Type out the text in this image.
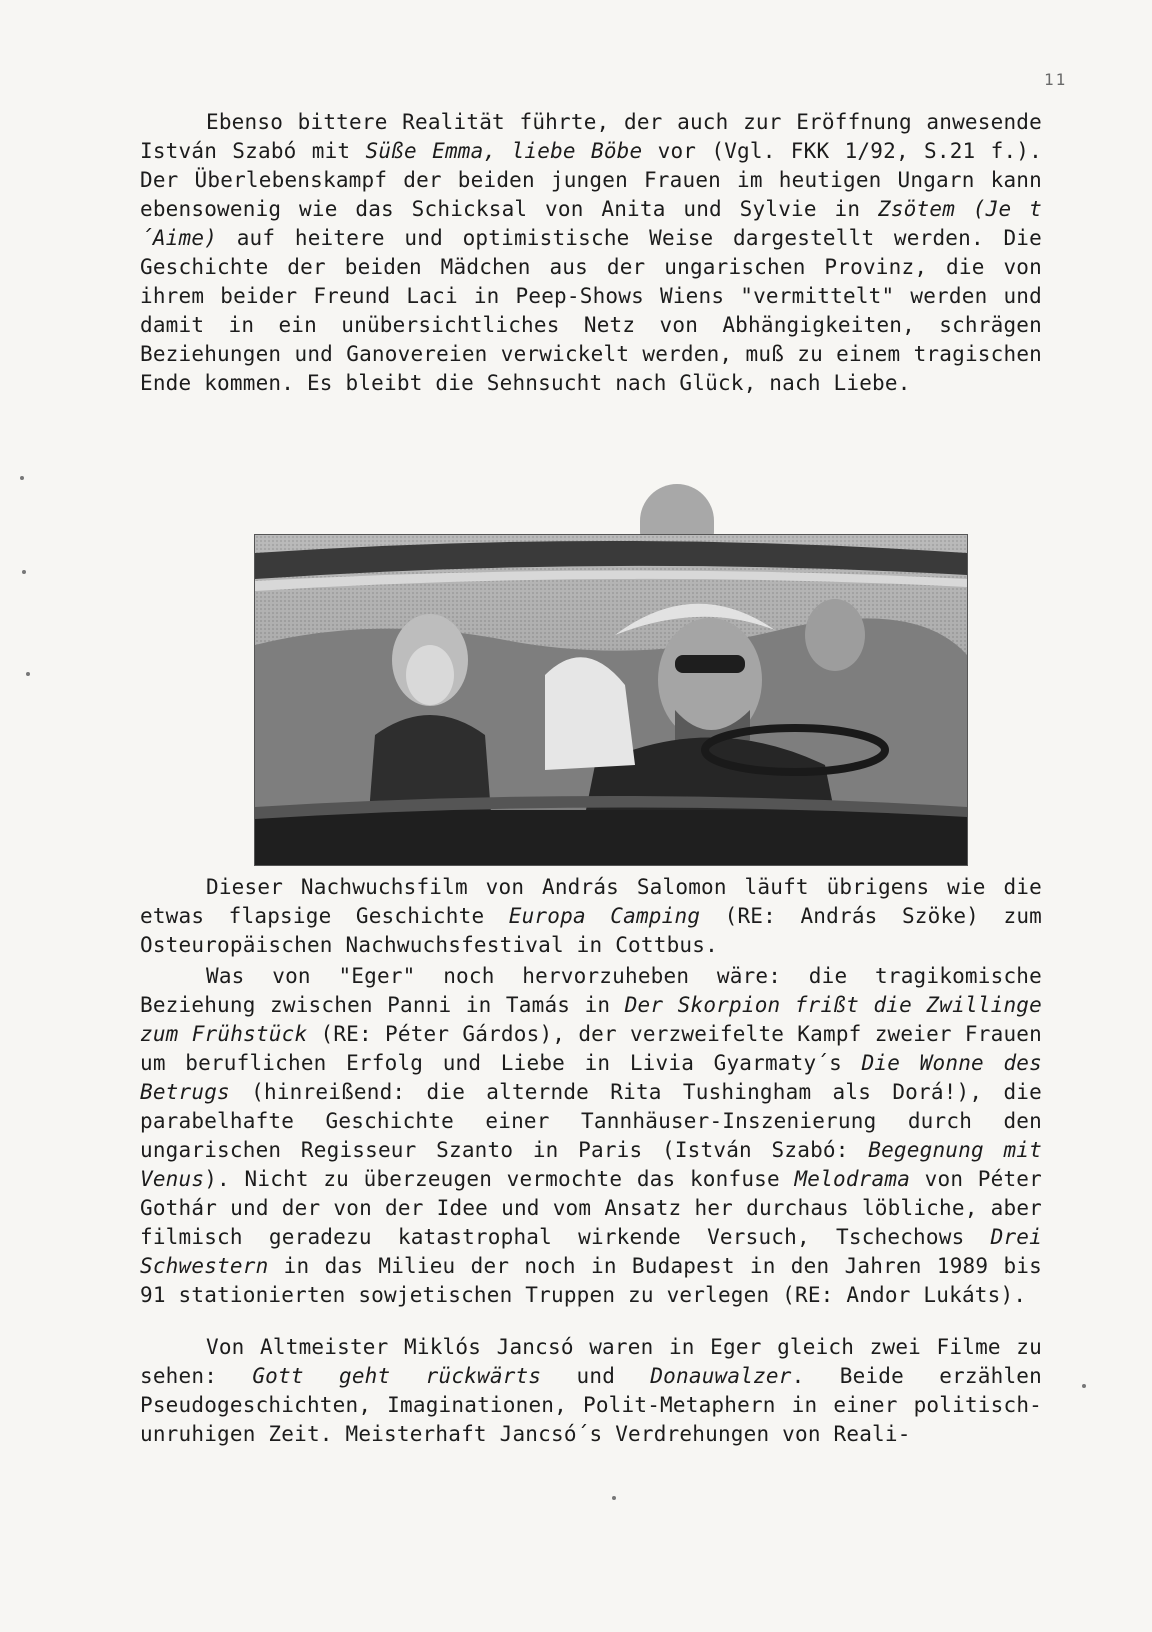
11

Ebenso bittere Realität führte, der auch zur Eröffnung anwesende István Szabó mit Süße Emma, liebe Böbe vor (Vgl. FKK 1/92, S.21 f.). Der Überlebenskampf der beiden jungen Frauen im heutigen Ungarn kann ebensowenig wie das Schicksal von Anita und Sylvie in Zsötem (Je t´Aime) auf heitere und optimistische Weise dargestellt werden. Die Geschichte der beiden Mädchen aus der ungarischen Provinz, die von ihrem beider Freund Laci in Peep-Shows Wiens "vermittelt" werden und damit in ein unübersichtliches Netz von Abhängigkeiten, schrägen Beziehungen und Ganovereien verwickelt werden, muß zu einem tragischen Ende kommen. Es bleibt die Sehnsucht nach Glück, nach Liebe.

Dieser Nachwuchsfilm von András Salomon läuft übrigens wie die etwas flapsige Geschichte Europa Camping (RE: András Szöke) zum Osteuropäischen Nachwuchsfestival in Cottbus.

Was von "Eger" noch hervorzuheben wäre: die tragikomische Beziehung zwischen Panni in Tamás in Der Skorpion frißt die Zwillinge zum Frühstück (RE: Péter Gárdos), der verzweifelte Kampf zweier Frauen um beruflichen Erfolg und Liebe in Livia Gyarmaty´s Die Wonne des Betrugs (hinreißend: die alternde Rita Tushingham als Dorá!), die parabelhafte Geschichte einer Tannhäuser-Inszenierung durch den ungarischen Regisseur Szanto in Paris (István Szabó: Begegnung mit Venus). Nicht zu überzeugen vermochte das konfuse Melodrama von Péter Gothár und der von der Idee und vom Ansatz her durchaus löbliche, aber filmisch geradezu katastrophal wirkende Versuch, Tschechows Drei Schwestern in das Milieu der noch in Budapest in den Jahren 1989 bis 91 stationierten sowjetischen Truppen zu verlegen (RE: Andor Lukáts).

Von Altmeister Miklós Jancsó waren in Eger gleich zwei Filme zu sehen: Gott geht rückwärts und Donauwalzer. Beide erzählen Pseudogeschichten, Imaginationen, Polit-Metaphern in einer politisch-unruhigen Zeit. Meisterhaft Jancsó´s Verdrehungen von Reali-
